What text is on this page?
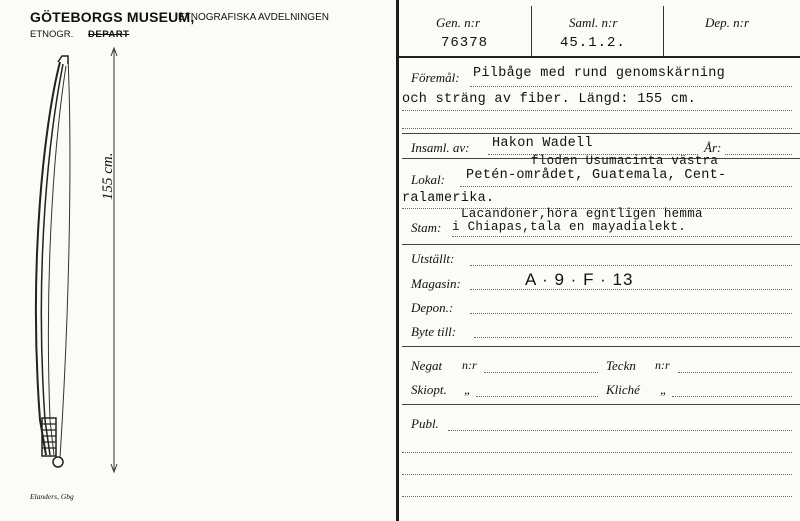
GÖTEBORGS MUSEUM,
ETNOGRAFISKA AVDELNINGEN
ETNOGR. DEPART
155 cm.
Elanders, Gbg
Gen. n:r
76378
Saml. n:r
45.1.2.
Dep. n:r
Föremål: Pilbåge med rund genomskärning
och sträng av fiber. Längd: 155 cm.
Insaml. av: Hakon Wadell	År:
floden Usumacinta västra
Lokal: Petén-området, Guatemala, Cent-
ralamerika.
Lacandoner,höra egntligen hemma
Stam: i Chiapas,tala en mayadialekt.
Utställt:
Magasin:	A · 9 · F · 13
Depon.:
Byte till:
Negat n:r	Teckn n:r
Skiopt. „	Kliché „
Publ.
